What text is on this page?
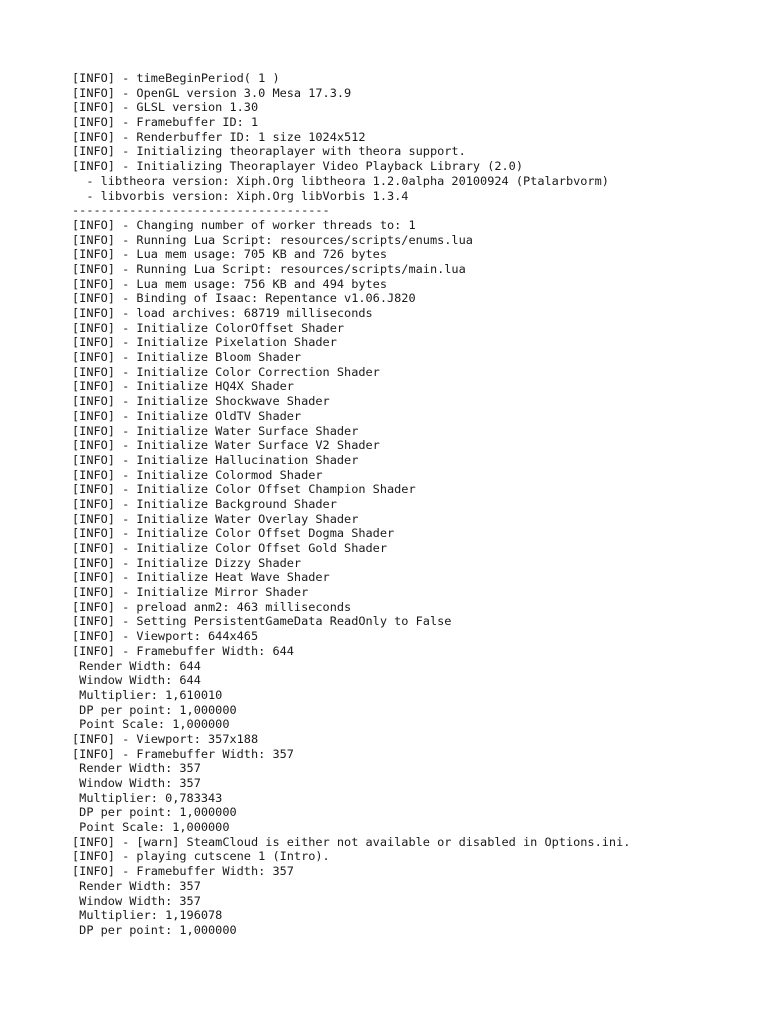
[INFO] - timeBeginPeriod( 1 )
[INFO] - OpenGL version 3.0 Mesa 17.3.9
[INFO] - GLSL version 1.30
[INFO] - Framebuffer ID: 1
[INFO] - Renderbuffer ID: 1 size 1024x512
[INFO] - Initializing theoraplayer with theora support.
[INFO] - Initializing Theoraplayer Video Playback Library (2.0)
- libtheora version: Xiph.Org libtheora 1.2.0alpha 20100924 (Ptalarbvorm)
- libvorbis version: Xiph.Org libVorbis 1.3.4
------------------------------------
[INFO] - Changing number of worker threads to: 1
[INFO] - Running Lua Script: resources/scripts/enums.lua
[INFO] - Lua mem usage: 705 KB and 726 bytes
[INFO] - Running Lua Script: resources/scripts/main.lua
[INFO] - Lua mem usage: 756 KB and 494 bytes
[INFO] - Binding of Isaac: Repentance v1.06.J820
[INFO] - load archives: 68719 milliseconds
[INFO] - Initialize ColorOffset Shader
[INFO] - Initialize Pixelation Shader
[INFO] - Initialize Bloom Shader
[INFO] - Initialize Color Correction Shader
[INFO] - Initialize HQ4X Shader
[INFO] - Initialize Shockwave Shader
[INFO] - Initialize OldTV Shader
[INFO] - Initialize Water Surface Shader
[INFO] - Initialize Water Surface V2 Shader
[INFO] - Initialize Hallucination Shader
[INFO] - Initialize Colormod Shader
[INFO] - Initialize Color Offset Champion Shader
[INFO] - Initialize Background Shader
[INFO] - Initialize Water Overlay Shader
[INFO] - Initialize Color Offset Dogma Shader
[INFO] - Initialize Color Offset Gold Shader
[INFO] - Initialize Dizzy Shader
[INFO] - Initialize Heat Wave Shader
[INFO] - Initialize Mirror Shader
[INFO] - preload anm2: 463 milliseconds
[INFO] - Setting PersistentGameData ReadOnly to False
[INFO] - Viewport: 644x465
[INFO] - Framebuffer Width: 644
Render Width: 644
Window Width: 644
Multiplier: 1,610010
DP per point: 1,000000
Point Scale: 1,000000
[INFO] - Viewport: 357x188
[INFO] - Framebuffer Width: 357
Render Width: 357
Window Width: 357
Multiplier: 0,783343
DP per point: 1,000000
Point Scale: 1,000000
[INFO] - [warn] SteamCloud is either not available or disabled in Options.ini.
[INFO] - playing cutscene 1 (Intro).
[INFO] - Framebuffer Width: 357
Render Width: 357
Window Width: 357
Multiplier: 1,196078
DP per point: 1,000000
